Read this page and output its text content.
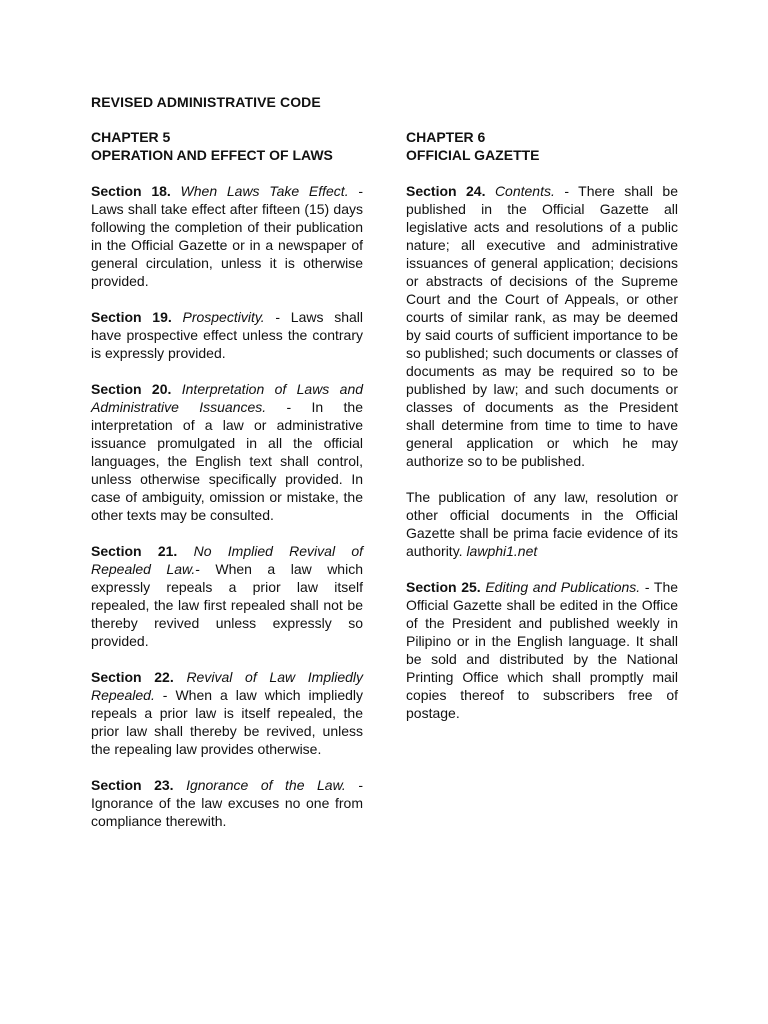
REVISED ADMINISTRATIVE CODE
CHAPTER 5
OPERATION AND EFFECT OF LAWS

Section 18. When Laws Take Effect. - Laws shall take effect after fifteen (15) days following the completion of their publication in the Official Gazette or in a newspaper of general circulation, unless it is otherwise provided.

Section 19. Prospectivity. - Laws shall have prospective effect unless the contrary is expressly provided.

Section 20. Interpretation of Laws and Administrative Issuances. - In the interpretation of a law or administrative issuance promulgated in all the official languages, the English text shall control, unless otherwise specifically provided. In case of ambiguity, omission or mistake, the other texts may be consulted.

Section 21. No Implied Revival of Repealed Law.- When a law which expressly repeals a prior law itself repealed, the law first repealed shall not be thereby revived unless expressly so provided.

Section 22. Revival of Law Impliedly Repealed. - When a law which impliedly repeals a prior law is itself repealed, the prior law shall thereby be revived, unless the repealing law provides otherwise.

Section 23. Ignorance of the Law. - Ignorance of the law excuses no one from compliance therewith.

CHAPTER 6
OFFICIAL GAZETTE

Section 24. Contents. - There shall be published in the Official Gazette all legislative acts and resolutions of a public nature; all executive and administrative issuances of general application; decisions or abstracts of decisions of the Supreme Court and the Court of Appeals, or other courts of similar rank, as may be deemed by said courts of sufficient importance to be so published; such documents or classes of documents as may be required so to be published by law; and such documents or classes of documents as the President shall determine from time to time to have general application or which he may authorize so to be published.

The publication of any law, resolution or other official documents in the Official Gazette shall be prima facie evidence of its authority. lawphi1.net

Section 25. Editing and Publications. - The Official Gazette shall be edited in the Office of the President and published weekly in Pilipino or in the English language. It shall be sold and distributed by the National Printing Office which shall promptly mail copies thereof to subscribers free of postage.
